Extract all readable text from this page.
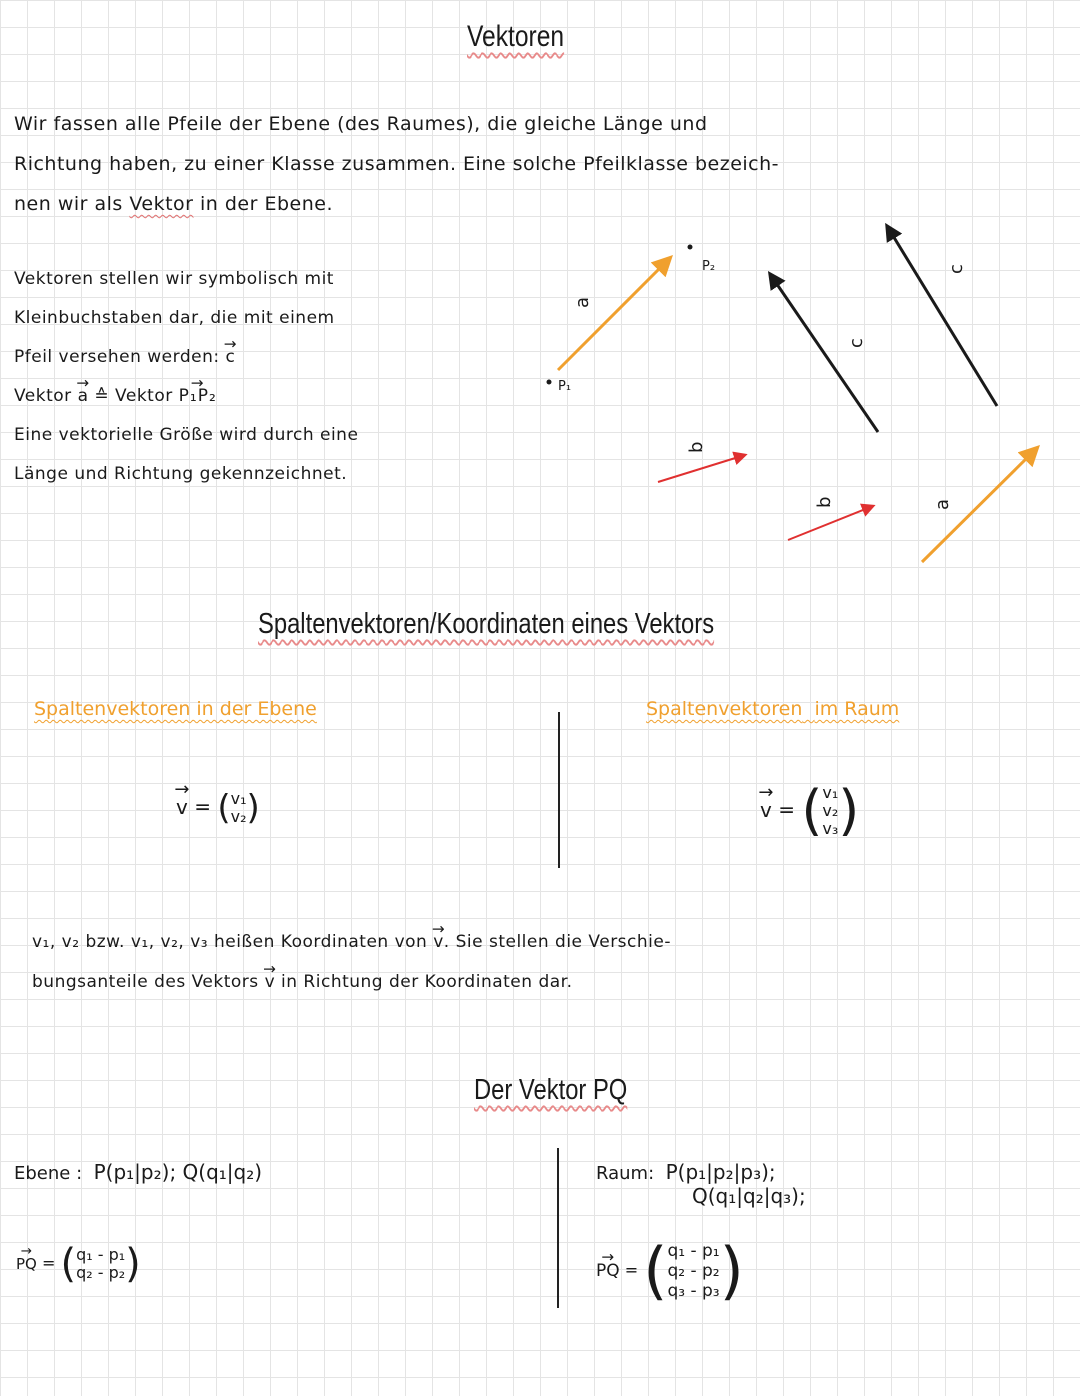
Vektoren
Wir fassen alle Pfeile der Ebene (des Raumes), die gleiche Länge und
Richtung haben, zu einer Klasse zusammen. Eine solche Pfeilklasse bezeich-
nen wir als Vektor in der Ebene.
Vektoren stellen wir symbolisch mit
Kleinbuchstaben dar, die mit einem
Pfeil versehen werden: → c
Vektor → a ≙ Vektor → P₁P₂
Eine vektorielle Größe wird durch eine
Länge und Richtung gekennzeichnet.
a
P₁
P₂
b
b
c
c
a
Spaltenvektoren/Koordinaten eines Vektors
Spaltenvektoren in der Ebene	Spaltenvektoren im Raum
→ v = ( v₁
v₂ )	→ v = ( v₁
v₂
v₃ )
v₁, v₂ bzw. v₁, v₂, v₃ heißen Koordinaten von → v. Sie stellen die Verschie-
bungsanteile des Vektors → v in Richtung der Koordinaten dar.
Der Vektor PQ
Ebene : P(p₁|p₂); Q(q₁|q₂)
→ PQ = ( q₁ - p₁
q₂ - p₂ )
Raum: P(p₁|p₂|p₃);
Q(q₁|q₂|q₃);
→ PQ = ( q₁ - p₁
q₂ - p₂
q₃ - p₃ )
